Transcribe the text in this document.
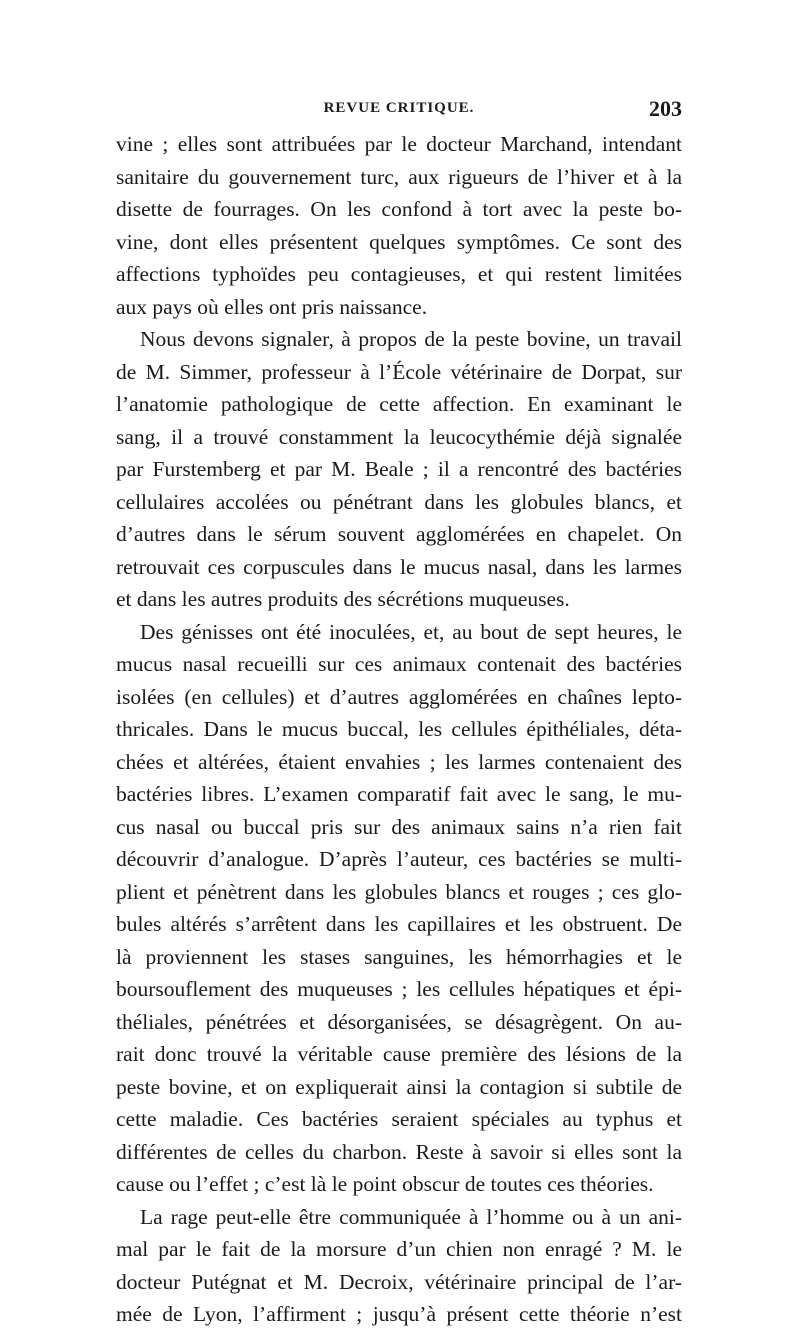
REVUE CRITIQUE.	203
vine ; elles sont attribuées par le docteur Marchand, intendant
sanitaire du gouvernement turc, aux rigueurs de l’hiver et à la
disette de fourrages. On les confond à tort avec la peste bo-
vine, dont elles présentent quelques symptômes. Ce sont des
affections typhoïdes peu contagieuses, et qui restent limitées
aux pays où elles ont pris naissance.
Nous devons signaler, à propos de la peste bovine, un travail
de M. Simmer, professeur à l’École vétérinaire de Dorpat, sur
l’anatomie pathologique de cette affection. En examinant le
sang, il a trouvé constamment la leucocythémie déjà signalée
par Furstemberg et par M. Beale ; il a rencontré des bactéries
cellulaires accolées ou pénétrant dans les globules blancs, et
d’autres dans le sérum souvent agglomérées en chapelet. On
retrouvait ces corpuscules dans le mucus nasal, dans les larmes
et dans les autres produits des sécrétions muqueuses.
Des génisses ont été inoculées, et, au bout de sept heures, le
mucus nasal recueilli sur ces animaux contenait des bactéries
isolées (en cellules) et d’autres agglomérées en chaînes lepto-
thricales. Dans le mucus buccal, les cellules épithéliales, déta-
chées et altérées, étaient envahies ; les larmes contenaient des
bactéries libres. L’examen comparatif fait avec le sang, le mu-
cus nasal ou buccal pris sur des animaux sains n’a rien fait
découvrir d’analogue. D’après l’auteur, ces bactéries se multi-
plient et pénètrent dans les globules blancs et rouges ; ces glo-
bules altérés s’arrêtent dans les capillaires et les obstruent. De
là proviennent les stases sanguines, les hémorrhagies et le
boursouflement des muqueuses ; les cellules hépatiques et épi-
théliales, pénétrées et désorganisées, se désagrègent. On au-
rait donc trouvé la véritable cause première des lésions de la
peste bovine, et on expliquerait ainsi la contagion si subtile de
cette maladie. Ces bactéries seraient spéciales au typhus et
différentes de celles du charbon. Reste à savoir si elles sont la
cause ou l’effet ; c’est là le point obscur de toutes ces théories.
La rage peut-elle être communiquée à l’homme ou à un ani-
mal par le fait de la morsure d’un chien non enragé ? M. le
docteur Putégnat et M. Decroix, vétérinaire principal de l’ar-
mée de Lyon, l’affirment ; jusqu’à présent cette théorie n’est
